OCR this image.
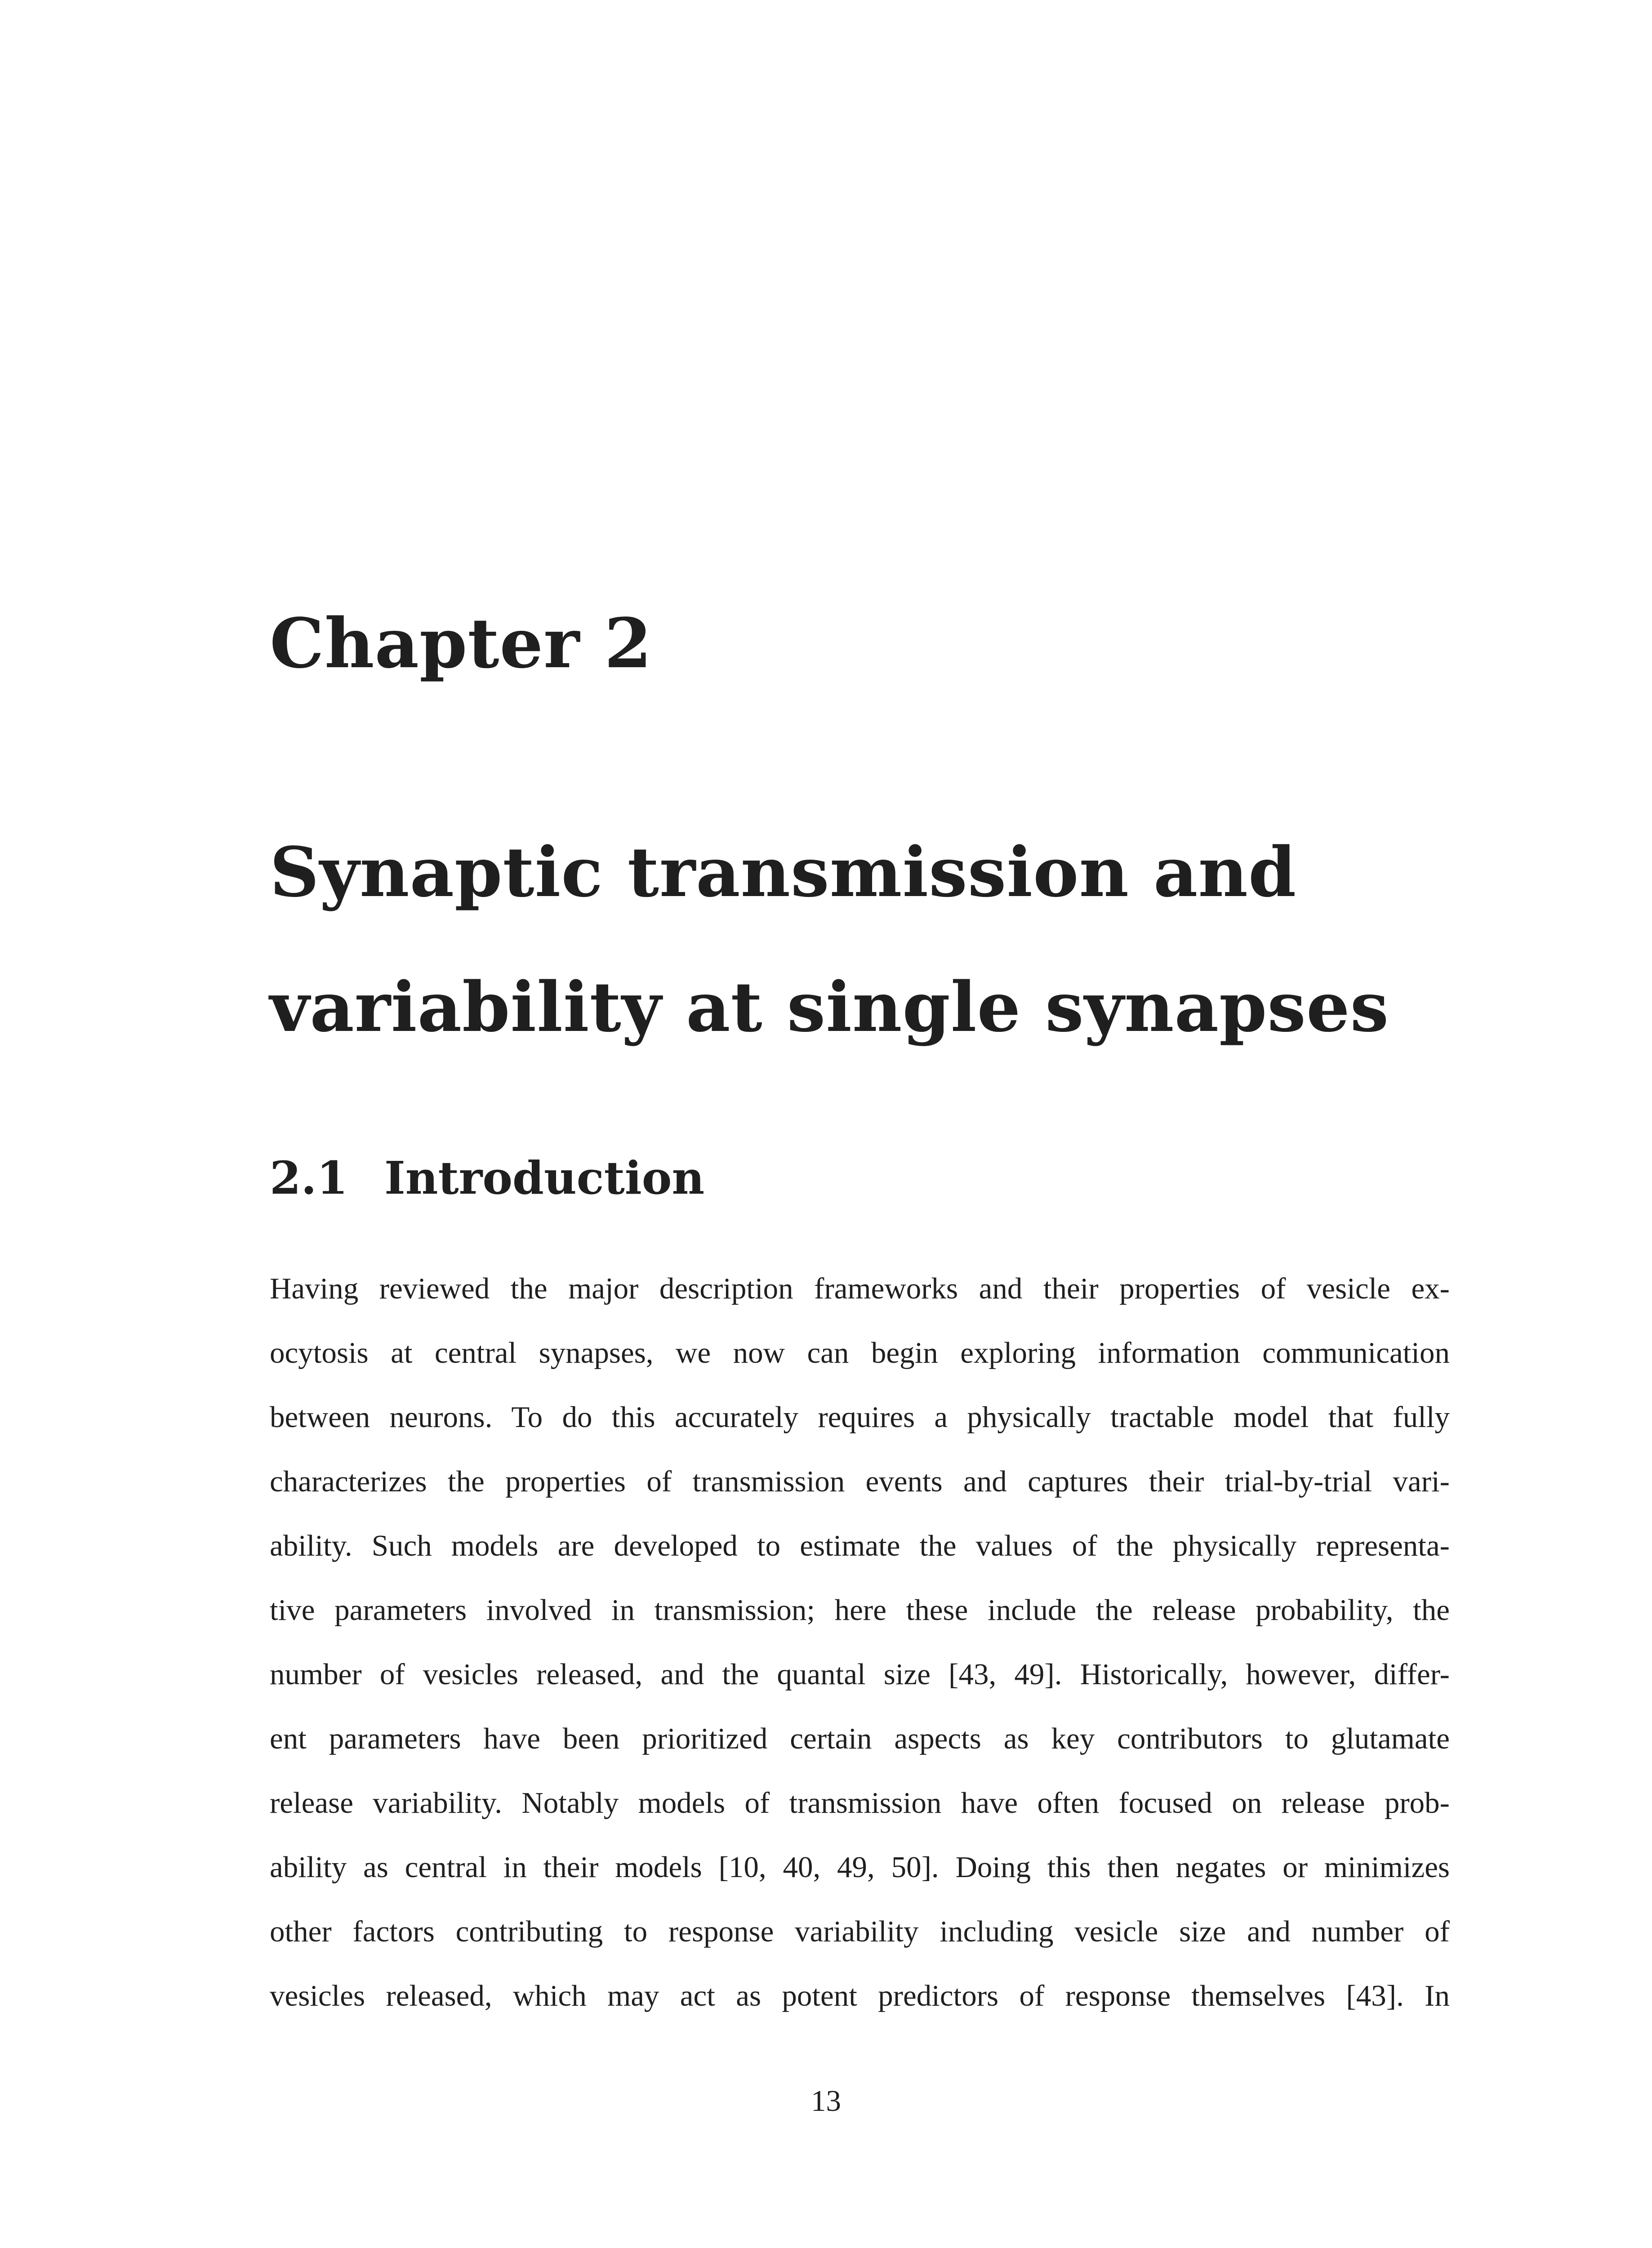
Chapter 2
Synaptic transmission and
variability at single synapses
2.1 Introduction
Having reviewed the major description frameworks and their properties of vesicle ex-
ocytosis at central synapses, we now can begin exploring information communication
between neurons. To do this accurately requires a physically tractable model that fully
characterizes the properties of transmission events and captures their trial-by-trial vari-
ability. Such models are developed to estimate the values of the physically representa-
tive parameters involved in transmission; here these include the release probability, the
number of vesicles released, and the quantal size [43, 49]. Historically, however, differ-
ent parameters have been prioritized certain aspects as key contributors to glutamate
release variability. Notably models of transmission have often focused on release prob-
ability as central in their models [10, 40, 49, 50]. Doing this then negates or minimizes
other factors contributing to response variability including vesicle size and number of
vesicles released, which may act as potent predictors of response themselves [43]. In
13
